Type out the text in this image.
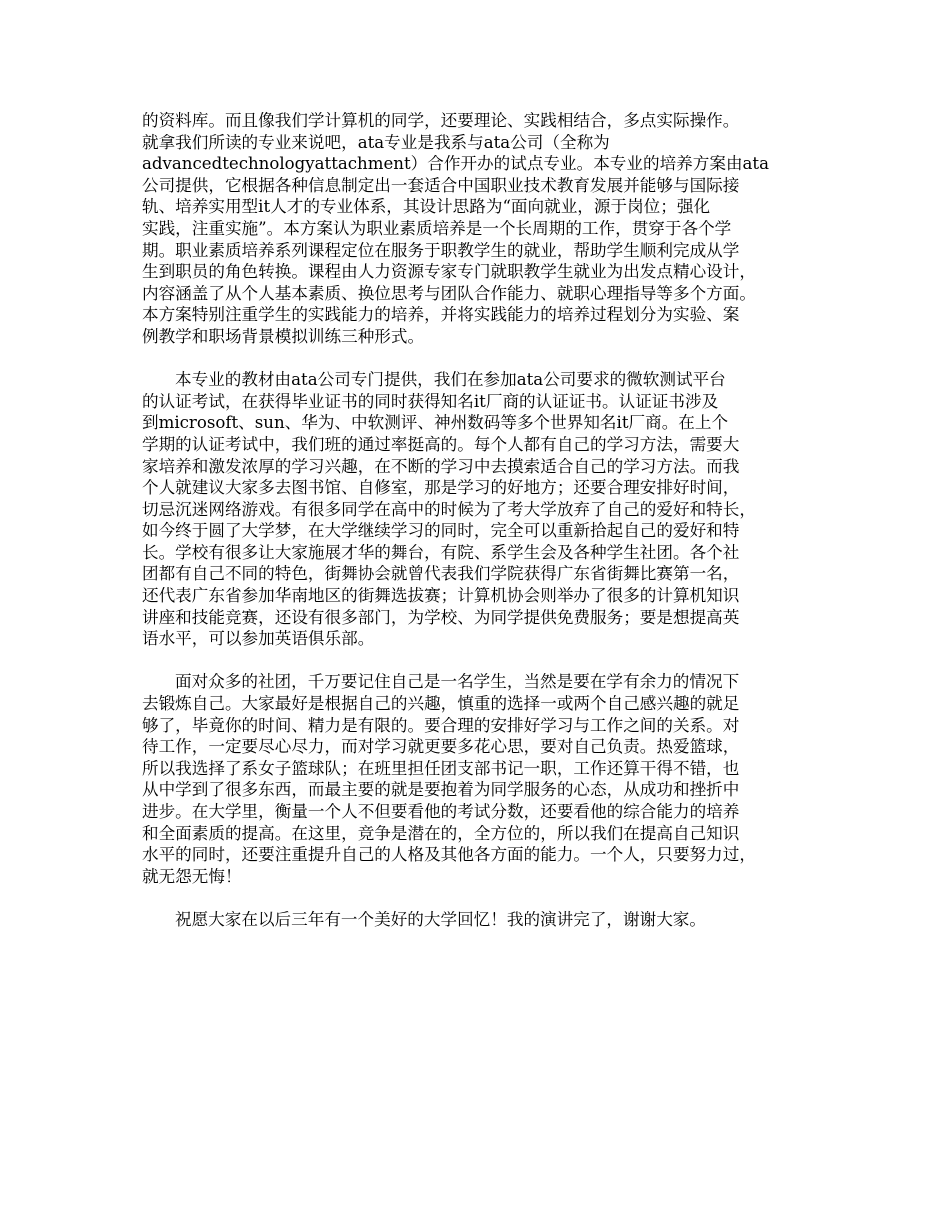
的资料库。而且像我们学计算机的同学，还要理论、实践相结合，多点实际操作。
就拿我们所读的专业来说吧，ata专业是我系与ata公司（全称为
advancedtechnologyattachment）合作开办的试点专业。本专业的培养方案由ata
公司提供，它根据各种信息制定出一套适合中国职业技术教育发展并能够与国际接
轨、培养实用型it人才的专业体系，其设计思路为“面向就业，源于岗位；强化
实践，注重实施”。本方案认为职业素质培养是一个长周期的工作，贯穿于各个学
期。职业素质培养系列课程定位在服务于职教学生的就业，帮助学生顺利完成从学
生到职员的角色转换。课程由人力资源专家专门就职教学生就业为出发点精心设计，
内容涵盖了从个人基本素质、换位思考与团队合作能力、就职心理指导等多个方面。
本方案特别注重学生的实践能力的培养，并将实践能力的培养过程划分为实验、案
例教学和职场背景模拟训练三种形式。
本专业的教材由ata公司专门提供，我们在参加ata公司要求的微软测试平台
的认证考试，在获得毕业证书的同时获得知名it厂商的认证证书。认证证书涉及
到microsoft、sun、华为、中软测评、神州数码等多个世界知名it厂商。在上个
学期的认证考试中，我们班的通过率挺高的。每个人都有自己的学习方法，需要大
家培养和激发浓厚的学习兴趣，在不断的学习中去摸索适合自己的学习方法。而我
个人就建议大家多去图书馆、自修室，那是学习的好地方；还要合理安排好时间，
切忌沉迷网络游戏。有很多同学在高中的时候为了考大学放弃了自己的爱好和特长，
如今终于圆了大学梦，在大学继续学习的同时，完全可以重新拾起自己的爱好和特
长。学校有很多让大家施展才华的舞台，有院、系学生会及各种学生社团。各个社
团都有自己不同的特色，街舞协会就曾代表我们学院获得广东省街舞比赛第一名，
还代表广东省参加华南地区的街舞选拔赛；计算机协会则举办了很多的计算机知识
讲座和技能竞赛，还设有很多部门，为学校、为同学提供免费服务；要是想提高英
语水平，可以参加英语俱乐部。
面对众多的社团，千万要记住自己是一名学生，当然是要在学有余力的情况下
去锻炼自己。大家最好是根据自己的兴趣，慎重的选择一或两个自己感兴趣的就足
够了，毕竟你的时间、精力是有限的。要合理的安排好学习与工作之间的关系。对
待工作，一定要尽心尽力，而对学习就更要多花心思，要对自己负责。热爱篮球，
所以我选择了系女子篮球队；在班里担任团支部书记一职，工作还算干得不错，也
从中学到了很多东西，而最主要的就是要抱着为同学服务的心态，从成功和挫折中
进步。在大学里，衡量一个人不但要看他的考试分数，还要看他的综合能力的培养
和全面素质的提高。在这里，竞争是潜在的，全方位的，所以我们在提高自己知识
水平的同时，还要注重提升自己的人格及其他各方面的能力。一个人，只要努力过，
就无怨无悔！
祝愿大家在以后三年有一个美好的大学回忆！我的演讲完了，谢谢大家。
